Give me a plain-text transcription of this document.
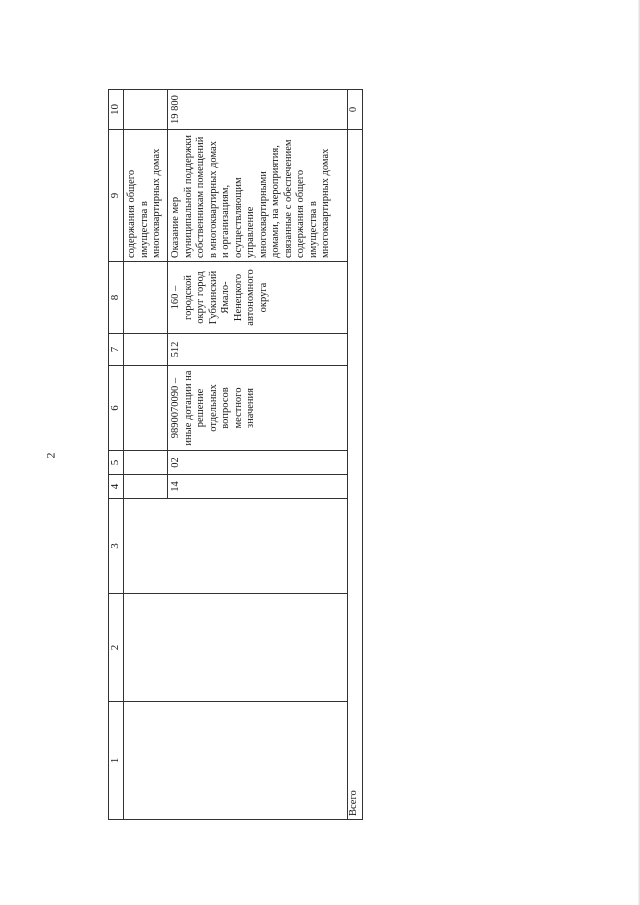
2
1	2	3	4	5	6	7	8	9	10
								содержания общего имущества в многоквартирных домах	
			14	02	9890070090 – иные дотации на решение отдельных вопросов местного значения	512	160 – городской округ город Губкинский Ямало-Ненецкого автономного округа	Оказание мер муниципальной поддержки собственникам помещений в многоквартирных домах и организациям, осуществляющим управление многоквартирными домами, на мероприятия, связанные с обеспечением содержания общего имущества в многоквартирных домах	19 800
Всего									0
